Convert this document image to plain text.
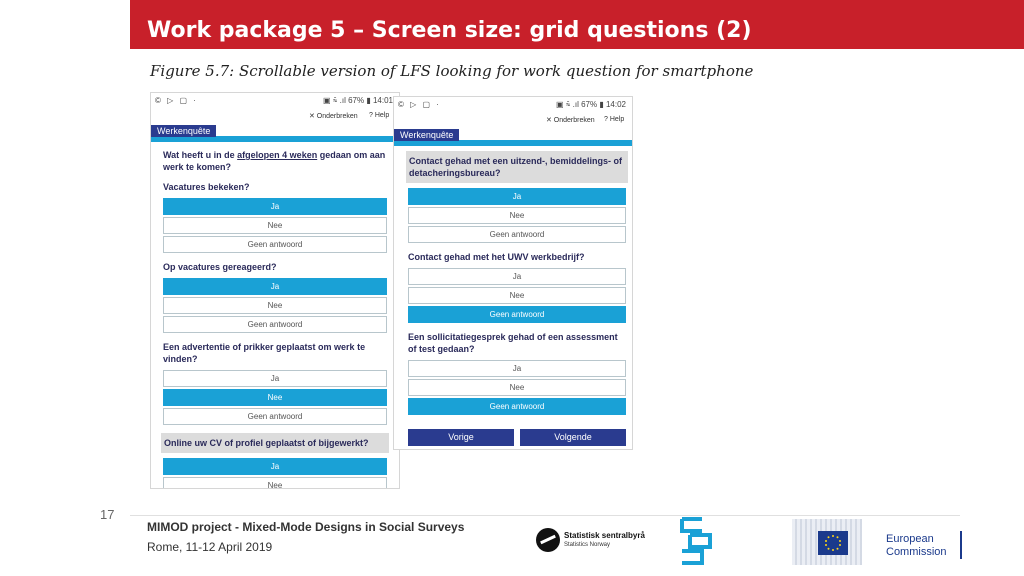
Work package 5 – Screen size: grid questions (2)
Figure 5.7: Scrollable version of LFS looking for work question for smartphone
© ▷ ▢ ·	▣ ⩯ .ıl 67% ▮ 14:01
✕ Onderbreken ? Help
Werkenquête
Wat heeft u in de afgelopen 4 weken gedaan om aan werk te komen?
Vacatures bekeken?
Ja
Nee
Geen antwoord
Op vacatures gereageerd?
Ja
Nee
Geen antwoord
Een advertentie of prikker geplaatst om werk te vinden?
Ja
Nee
Geen antwoord
Online uw CV of profiel geplaatst of bijgewerkt?
Ja
Nee
© ▷ ▢ ·	▣ ⩯ .ıl 67% ▮ 14:02
✕ Onderbreken ? Help
Werkenquête
Contact gehad met een uitzend-, bemiddelings- of detacheringsbureau?
Ja
Nee
Geen antwoord
Contact gehad met het UWV werkbedrijf?
Ja
Nee
Geen antwoord
Een sollicitatiegesprek gehad of een assessment of test gedaan?
Ja
Nee
Geen antwoord
Vorige	Volgende
17
MIMOD project - Mixed-Mode Designs in Social Surveys
Rome, 11-12 April 2019
Statistisk sentralbyrå
Statistics Norway	European
Commission
